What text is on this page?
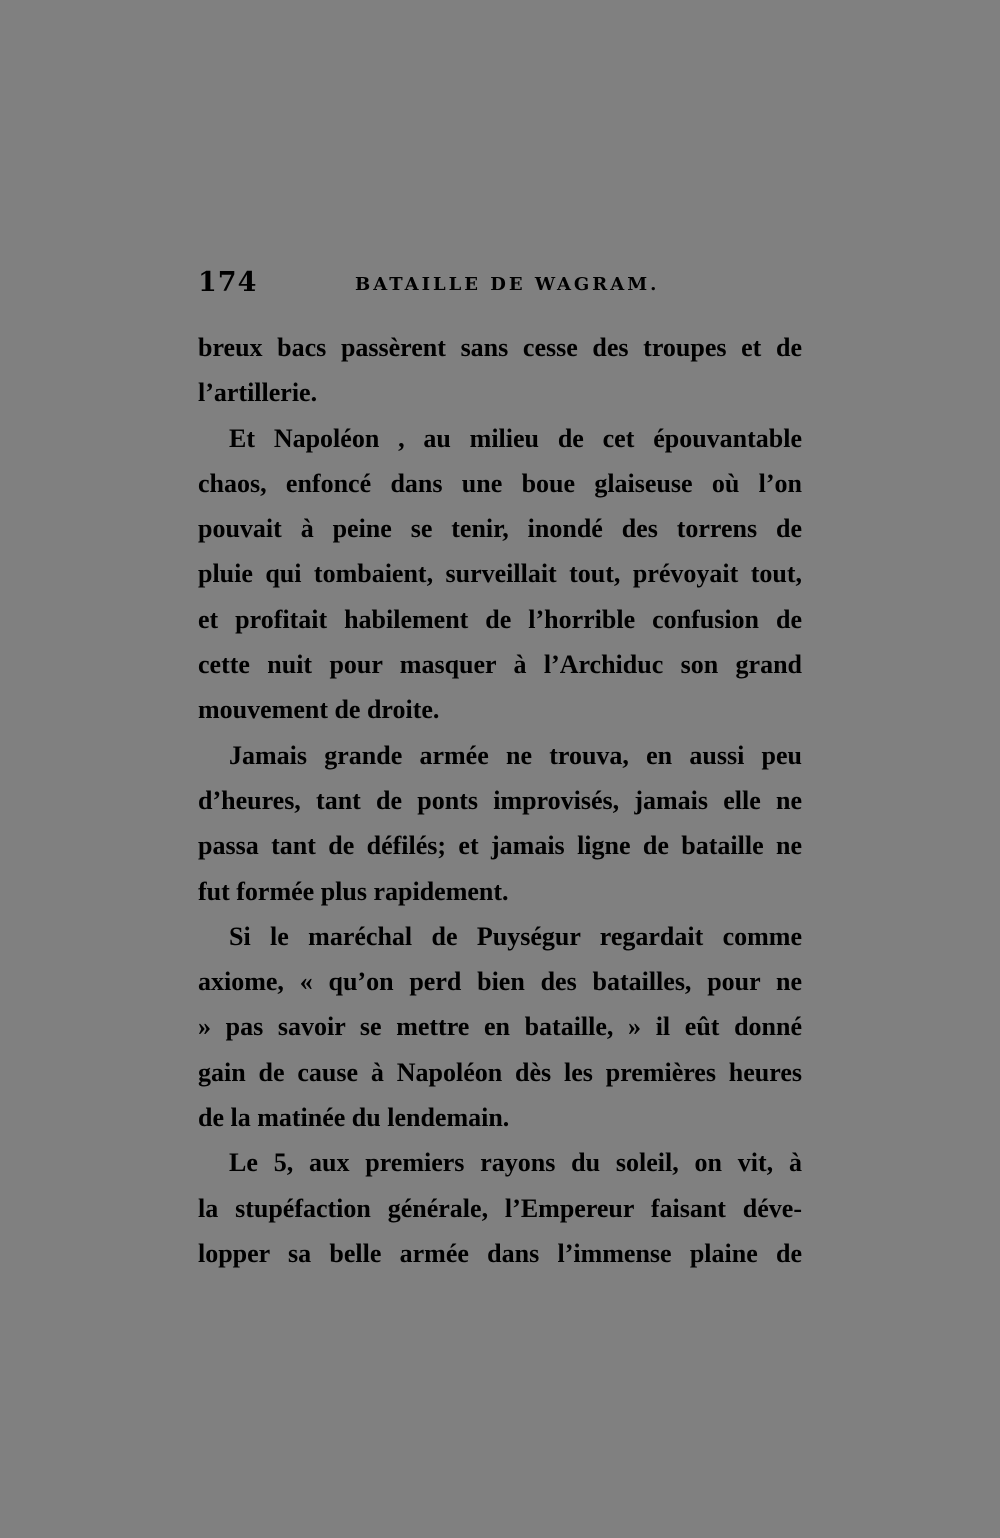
174	BATAILLE DE WAGRAM.
breux bacs passèrent sans cesse des troupes et de
l’artillerie.
Et Napoléon , au milieu de cet épouvantable
chaos, enfoncé dans une boue glaiseuse où l’on
pouvait à peine se tenir, inondé des torrens de
pluie qui tombaient, surveillait tout, prévoyait tout,
et profitait habilement de l’horrible confusion de
cette nuit pour masquer à l’Archiduc son grand
mouvement de droite.
Jamais grande armée ne trouva, en aussi peu
d’heures, tant de ponts improvisés, jamais elle ne
passa tant de défilés; et jamais ligne de bataille ne
fut formée plus rapidement.
Si le maréchal de Puységur regardait comme
axiome, « qu’on perd bien des batailles, pour ne
» pas savoir se mettre en bataille, » il eût donné
gain de cause à Napoléon dès les premières heures
de la matinée du lendemain.
Le 5, aux premiers rayons du soleil, on vit, à
la stupéfaction générale, l’Empereur faisant déve-
lopper sa belle armée dans l’immense plaine de
